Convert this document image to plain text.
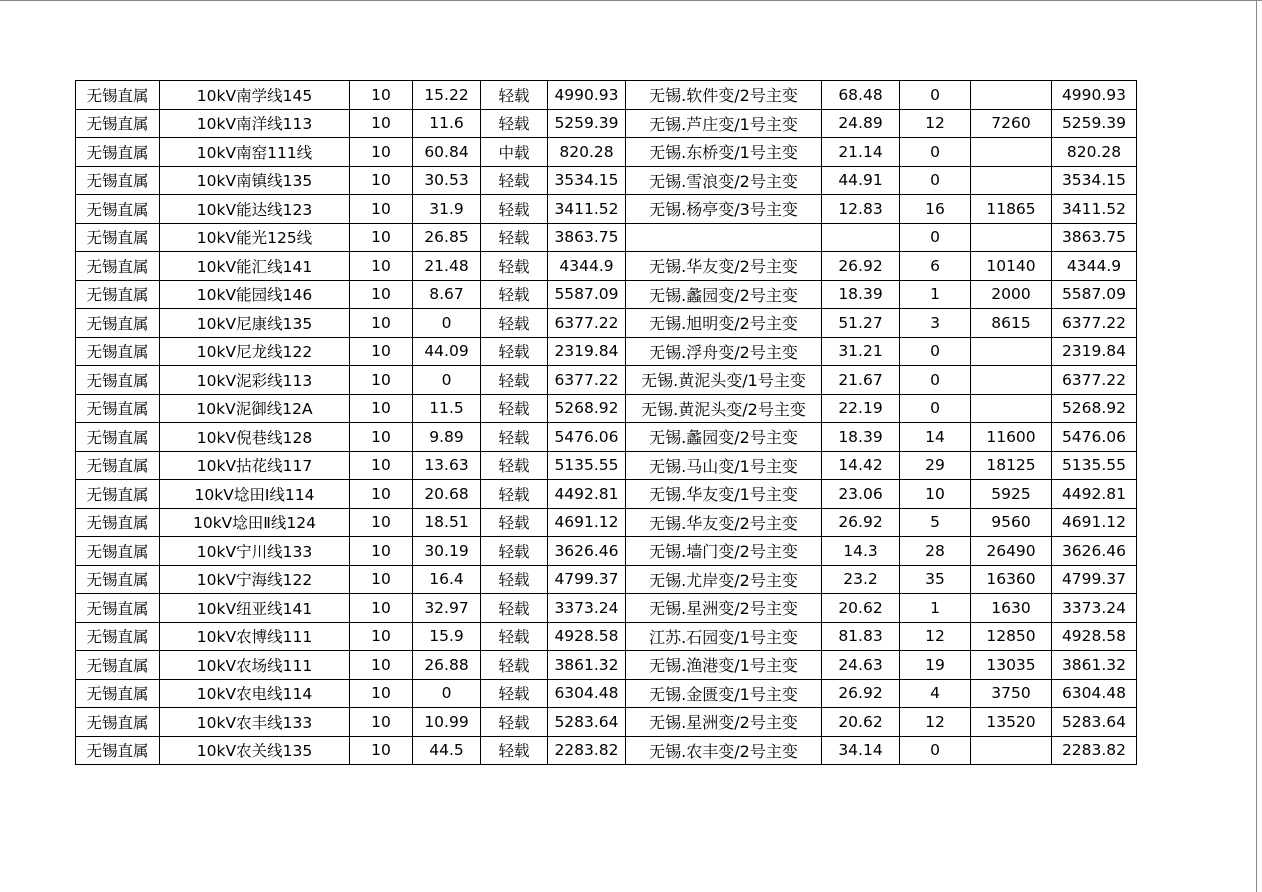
无锡直属	10kV南学线145	10	15.22	轻载	4990.93	无锡.软件变/2号主变	68.48	0		4990.93
无锡直属	10kV南洋线113	10	11.6	轻载	5259.39	无锡.芦庄变/1号主变	24.89	12	7260	5259.39
无锡直属	10kV南窑111线	10	60.84	中载	820.28	无锡.东桥变/1号主变	21.14	0		820.28
无锡直属	10kV南镇线135	10	30.53	轻载	3534.15	无锡.雪浪变/2号主变	44.91	0		3534.15
无锡直属	10kV能达线123	10	31.9	轻载	3411.52	无锡.杨亭变/3号主变	12.83	16	11865	3411.52
无锡直属	10kV能光125线	10	26.85	轻载	3863.75			0		3863.75
无锡直属	10kV能汇线141	10	21.48	轻载	4344.9	无锡.华友变/2号主变	26.92	6	10140	4344.9
无锡直属	10kV能园线146	10	8.67	轻载	5587.09	无锡.蠡园变/2号主变	18.39	1	2000	5587.09
无锡直属	10kV尼康线135	10	0	轻载	6377.22	无锡.旭明变/2号主变	51.27	3	8615	6377.22
无锡直属	10kV尼龙线122	10	44.09	轻载	2319.84	无锡.浮舟变/2号主变	31.21	0		2319.84
无锡直属	10kV泥彩线113	10	0	轻载	6377.22	无锡.黄泥头变/1号主变	21.67	0		6377.22
无锡直属	10kV泥御线12A	10	11.5	轻载	5268.92	无锡.黄泥头变/2号主变	22.19	0		5268.92
无锡直属	10kV倪巷线128	10	9.89	轻载	5476.06	无锡.蠡园变/2号主变	18.39	14	11600	5476.06
无锡直属	10kV拈花线117	10	13.63	轻载	5135.55	无锡.马山变/1号主变	14.42	29	18125	5135.55
无锡直属	10kV埝田Ⅰ线114	10	20.68	轻载	4492.81	无锡.华友变/1号主变	23.06	10	5925	4492.81
无锡直属	10kV埝田Ⅱ线124	10	18.51	轻载	4691.12	无锡.华友变/2号主变	26.92	5	9560	4691.12
无锡直属	10kV宁川线133	10	30.19	轻载	3626.46	无锡.墙门变/2号主变	14.3	28	26490	3626.46
无锡直属	10kV宁海线122	10	16.4	轻载	4799.37	无锡.尤岸变/2号主变	23.2	35	16360	4799.37
无锡直属	10kV纽亚线141	10	32.97	轻载	3373.24	无锡.星洲变/2号主变	20.62	1	1630	3373.24
无锡直属	10kV农博线111	10	15.9	轻载	4928.58	江苏.石园变/1号主变	81.83	12	12850	4928.58
无锡直属	10kV农场线111	10	26.88	轻载	3861.32	无锡.渔港变/1号主变	24.63	19	13035	3861.32
无锡直属	10kV农电线114	10	0	轻载	6304.48	无锡.金匮变/1号主变	26.92	4	3750	6304.48
无锡直属	10kV农丰线133	10	10.99	轻载	5283.64	无锡.星洲变/2号主变	20.62	12	13520	5283.64
无锡直属	10kV农关线135	10	44.5	轻载	2283.82	无锡.农丰变/2号主变	34.14	0		2283.82
